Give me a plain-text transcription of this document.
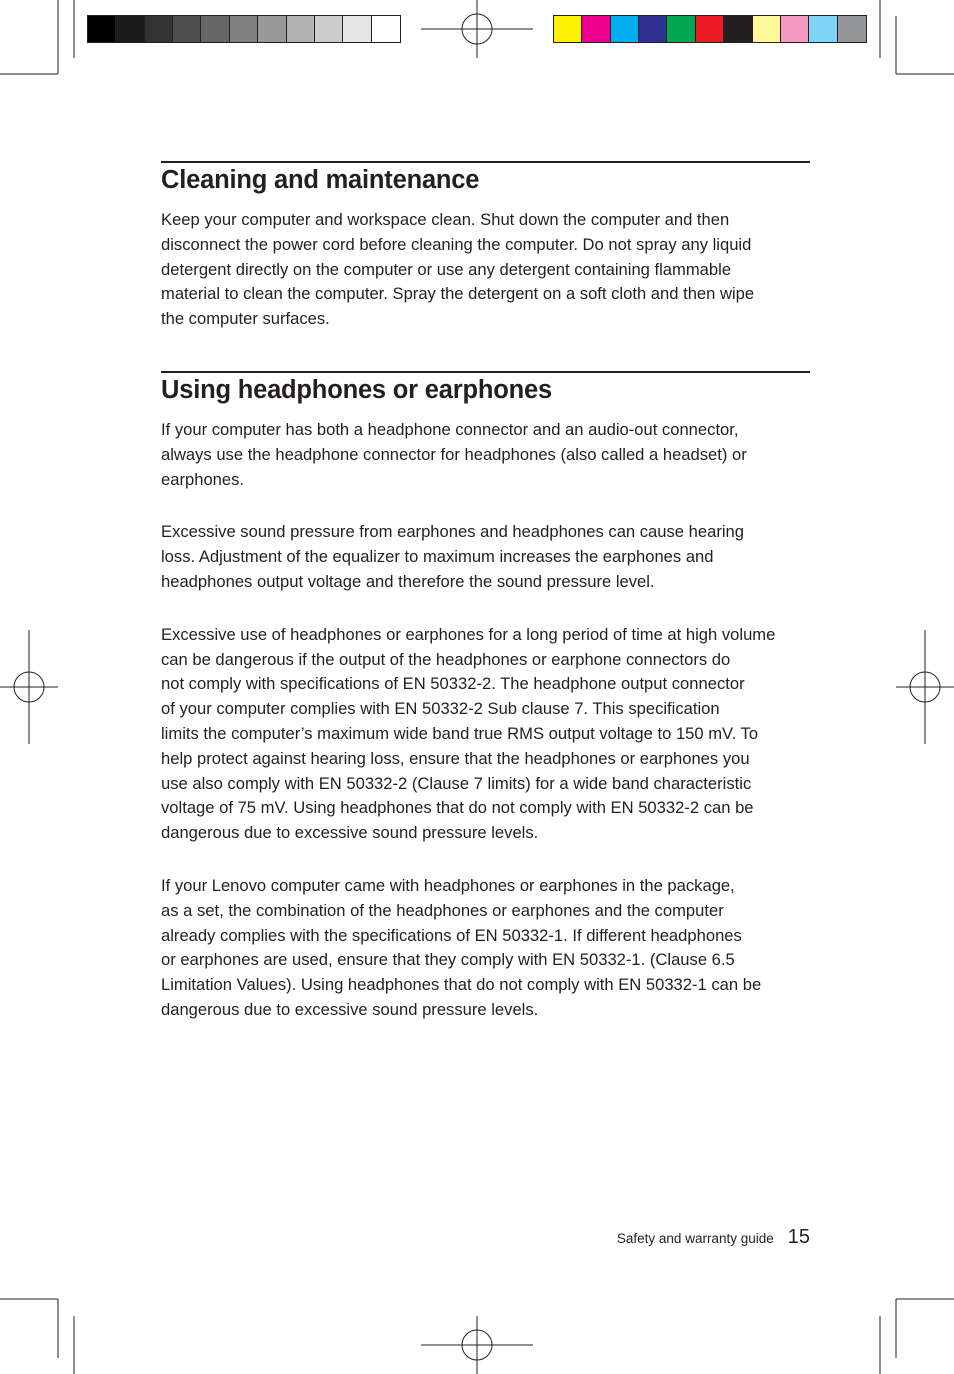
Cleaning and maintenance

Keep your computer and workspace clean. Shut down the computer and then
disconnect the power cord before cleaning the computer. Do not spray any liquid
detergent directly on the computer or use any detergent containing flammable
material to clean the computer. Spray the detergent on a soft cloth and then wipe
the computer surfaces.

Using headphones or earphones

If your computer has both a headphone connector and an audio-out connector,
always use the headphone connector for headphones (also called a headset) or
earphones.

Excessive sound pressure from earphones and headphones can cause hearing
loss. Adjustment of the equalizer to maximum increases the earphones and
headphones output voltage and therefore the sound pressure level.

Excessive use of headphones or earphones for a long period of time at high volume
can be dangerous if the output of the headphones or earphone connectors do
not comply with specifications of EN 50332-2. The headphone output connector
of your computer complies with EN 50332-2 Sub clause 7. This specification
limits the computer’s maximum wide band true RMS output voltage to 150 mV. To
help protect against hearing loss, ensure that the headphones or earphones you
use also comply with EN 50332-2 (Clause 7 limits) for a wide band characteristic
voltage of 75 mV. Using headphones that do not comply with EN 50332-2 can be
dangerous due to excessive sound pressure levels.

If your Lenovo computer came with headphones or earphones in the package,
as a set, the combination of the headphones or earphones and the computer
already complies with the specifications of EN 50332-1. If different headphones
or earphones are used, ensure that they comply with EN 50332-1. (Clause 6.5
Limitation Values). Using headphones that do not comply with EN 50332-1 can be
dangerous due to excessive sound pressure levels.

Safety and warranty guide 15
